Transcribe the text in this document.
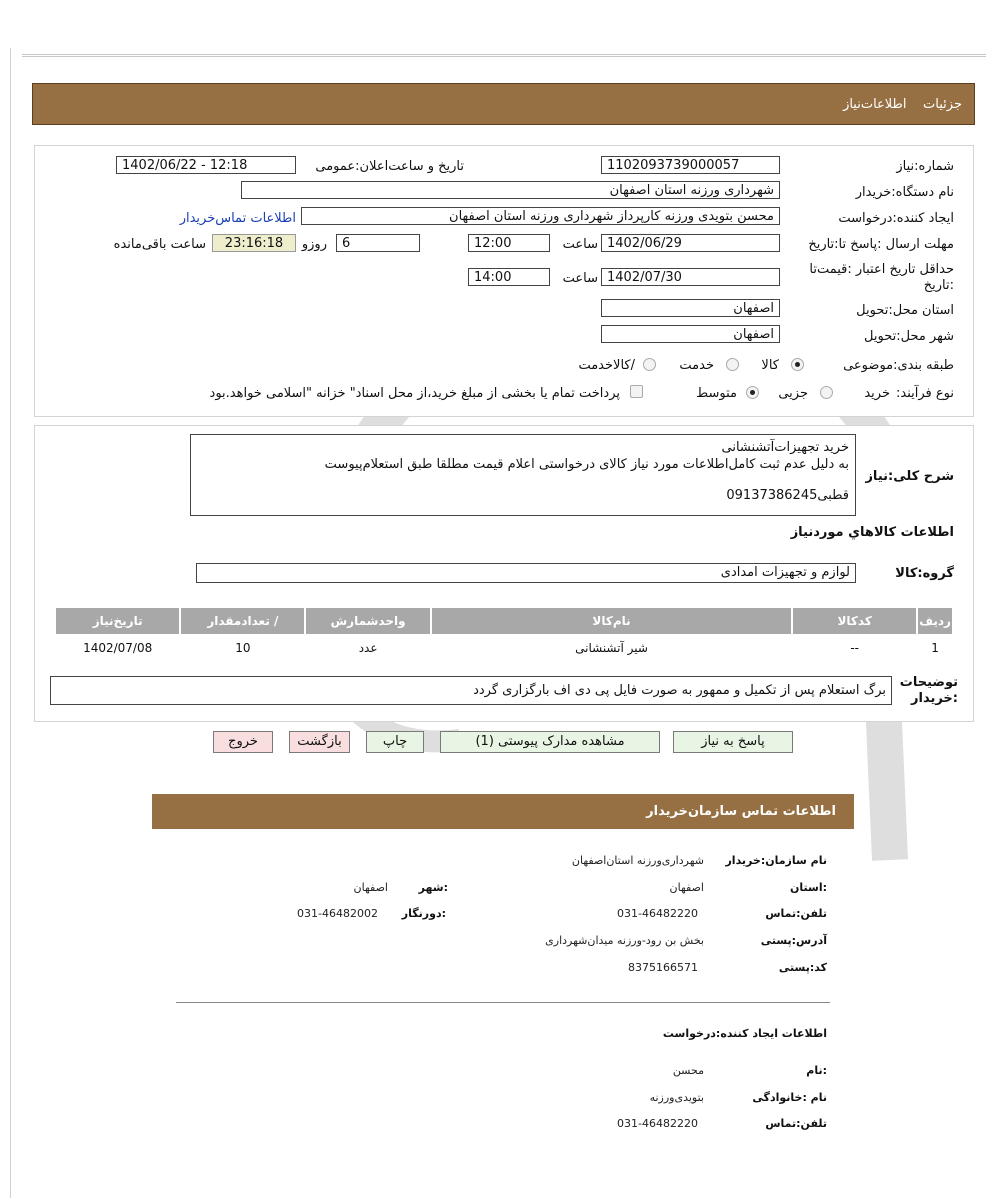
جزئيات    اطلاعات‌نیاز
شماره:نیاز
1102093739000057
تاریخ و ساعت‌اعلان:عمومی
1402/06/22 - 12:18
نام دستگاه:خریدار
شهرداری ورزنه استان اصفهان
ایجاد کننده:درخواست
محسن بتویدی ورزنه کارپرداز شهرداری ورزنه استان اصفهان
اطلاعات تماس‌خریدار
مهلت ارسال :پاسخ تا:تاریخ
1402/06/29
ساعت
12:00
6
روزو
23:16:18
ساعت باقی‌مانده
حداقل تاریخ اعتبار :قیمت‌تا :تاریخ
1402/07/30
ساعت
14:00
استان محل:تحویل
اصفهان
شهر محل:تحویل
اصفهان
طبقه بندی:موضوعی
کالا
خدمت
/کالاخدمت
نوع فرآیند:
خرید
جزیی
متوسط
پرداخت تمام یا بخشی از مبلغ خرید،از محل اسناد" خزانه "اسلامی خواهد.بود
شرح کلی:نیاز
خرید تجهیزات‌آتشنشانی
به دلیل عدم ثبت کامل‌اطلاعات مورد نیاز کالای درخواستی اعلام قیمت مطلقا طبق استعلام‌پیوست
قطبی09137386245
اطلاعات کالاهاي موردنیاز
گروه:کالا
لوازم و تجهیزات امدادی
ردیف	کدکالا	نام‌کالا	واحدشمارش	/ تعدادمقدار	تاریخ‌نیاز
1	--	شیر آتشنشانی	عدد	10	1402/07/08
توضیحات :خریدار
برگ استعلام پس از تکمیل و ممهور به صورت فایل پی دی اف بارگزاری گردد
پاسخ به نیاز
مشاهده مدارک پیوستی (1)
چاپ
بازگشت
خروج
اطلاعات تماس سازمان‌خریدار
نام سازمان:خریدار
شهرداری‌ورزنه استان‌اصفهان
:استان
اصفهان
:شهر
اصفهان
تلفن:تماس
031-46482220
:دورنگار
031-46482002
آدرس:پستی
بخش بن رود-ورزنه میدان‌شهرداری
کد:پستی
8375166571
اطلاعات ایجاد کننده:درخواست
:نام
محسن
نام :خانوادگی
بتویدی‌ورزنه
تلفن:تماس
031-46482220
